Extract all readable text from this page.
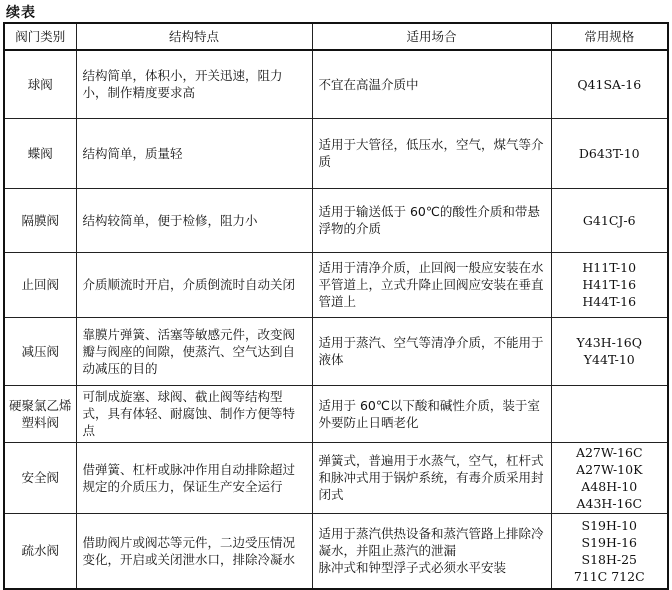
续表
阀门类别	结构特点	适用场合	常用规格
球阀	结构简单，体积小，开关迅速，阻力小，制作精度要求高	不宜在高温介质中	Q41SA-16
蝶阀	结构简单，质量轻	适用于大管径，低压水，空气，煤气等介质	D643T-10
隔膜阀	结构较简单，便于检修，阻力小	适用于输送低于 60℃的酸性介质和带悬浮物的介质	G41CJ-6
止回阀	介质顺流时开启，介质倒流时自动关闭	适用于清净介质，止回阀一般应安装在水平管道上，立式升降止回阀应安装在垂直管道上	H11T-10
H41T-16
H44T-16
减压阀	靠膜片弹簧、活塞等敏感元件，改变阀瓣与阀座的间隙，使蒸汽、空气达到自动减压的目的	适用于蒸汽、空气等清净介质，不能用于液体	Y43H-16Q
Y44T-10
硬聚氯乙烯塑料阀	可制成旋塞、球阀、截止阀等结构型式，具有体轻、耐腐蚀、制作方便等特点	适用于 60℃以下酸和碱性介质，装于室外要防止日晒老化	
安全阀	借弹簧、杠杆或脉冲作用自动排除超过规定的介质压力，保证生产安全运行	弹簧式，普遍用于水蒸气，空气，杠杆式和脉冲式用于锅炉系统，有毒介质采用封闭式	A27W-16C
A27W-10K
A48H-10
A43H-16C
疏水阀	借助阀片或阀芯等元件，二边受压情况变化，开启或关闭泄水口，排除冷凝水	适用于蒸汽供热设备和蒸汽管路上排除冷凝水，并阻止蒸汽的泄漏
脉冲式和钟型浮子式必须水平安装	S19H-10
S19H-16
S18H-25
711C 712C
